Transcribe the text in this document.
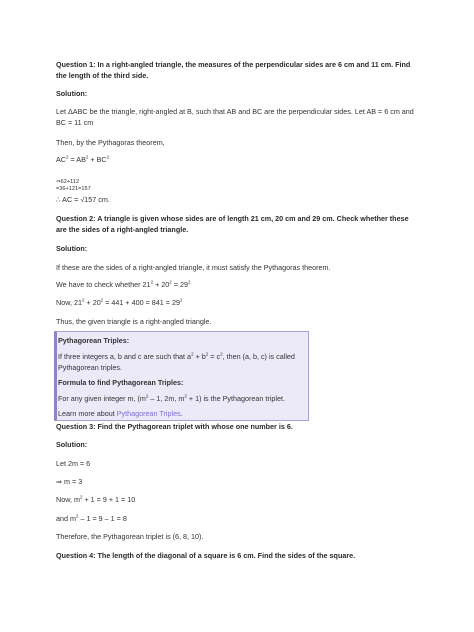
Question 1: In a right-angled triangle, the measures of the perpendicular sides are 6 cm and 11 cm. Find the length of the third side.
Solution:
Let ΔABC be the triangle, right-angled at B, such that AB and BC are the perpendicular sides. Let AB = 6 cm and BC = 11 cm
Then, by the Pythagoras theorem,
$AC^2 = AB^2 + BC^2$
⇒62+112
=36+121=157
∴ AC = √157 cm.
Question 2: A triangle is given whose sides are of length 21 cm, 20 cm and 29 cm. Check whether these are the sides of a right-angled triangle.
Solution:
If these are the sides of a right-angled triangle, it must satisfy the Pythagoras theorem.
We have to check whether $21^2 + 20^2 = 29^2$
Now, $21^2 + 20^2 = 441 + 400 = 841 = 29^2$
Thus, the given triangle is a right-angled triangle.
Pythagorean Triples:
If three integers a, b and c are such that $a^2 + b^2 = c^2$, then (a, b, c) is called Pythagorean triples.
Formula to find Pythagorean Triples:
For any given integer m, ($m^2 - 1$, 2m, $m^2 + 1$) is the Pythagorean triplet.
Learn more about Pythagorean Triples.
Question 3: Find the Pythagorean triplet with whose one number is 6.
Solution:
Let 2m = 6
⇒ m = 3
Now, $m^2 + 1 = 9 + 1 = 10$
and $m^2 - 1 = 9 - 1 = 8$
Therefore, the Pythagorean triplet is (6, 8, 10).
Question 4: The length of the diagonal of a square is 6 cm. Find the sides of the square.
